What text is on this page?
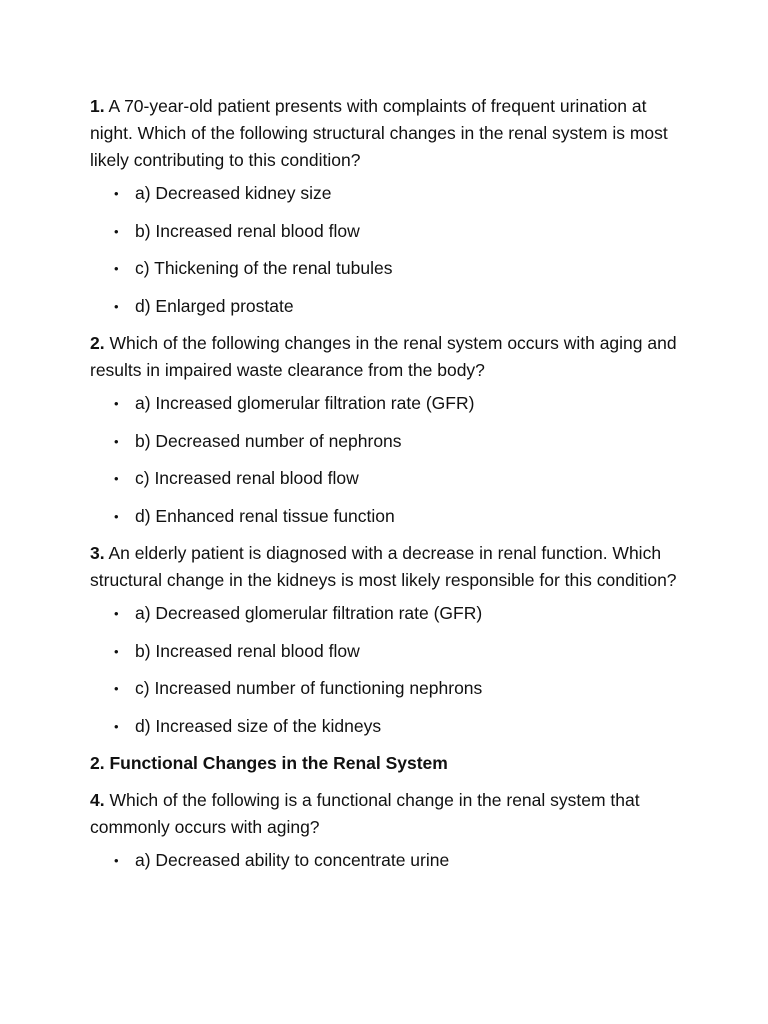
1. A 70-year-old patient presents with complaints of frequent urination at night. Which of the following structural changes in the renal system is most likely contributing to this condition?

• a) Decreased kidney size
• b) Increased renal blood flow
• c) Thickening of the renal tubules
• d) Enlarged prostate

2. Which of the following changes in the renal system occurs with aging and results in impaired waste clearance from the body?

• a) Increased glomerular filtration rate (GFR)
• b) Decreased number of nephrons
• c) Increased renal blood flow
• d) Enhanced renal tissue function

3. An elderly patient is diagnosed with a decrease in renal function. Which structural change in the kidneys is most likely responsible for this condition?

• a) Decreased glomerular filtration rate (GFR)
• b) Increased renal blood flow
• c) Increased number of functioning nephrons
• d) Increased size of the kidneys

2. Functional Changes in the Renal System

4. Which of the following is a functional change in the renal system that commonly occurs with aging?

• a) Decreased ability to concentrate urine
